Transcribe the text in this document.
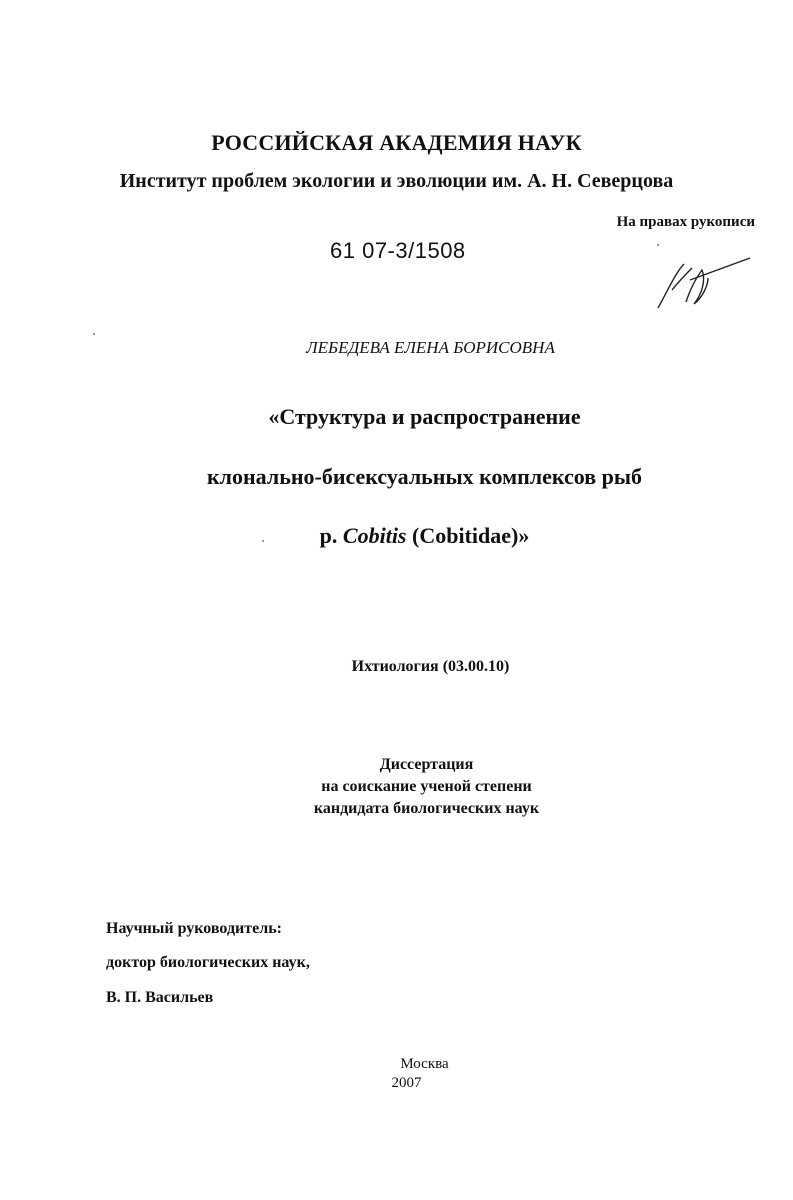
РОССИЙСКАЯ АКАДЕМИЯ НАУК
Институт проблем экологии и эволюции им. А. Н. Северцова
На правах рукописи
61 07-3/1508
ЛЕБЕДЕВА ЕЛЕНА БОРИСОВНА
«Структура и распространение
клонально-бисексуальных комплексов рыб
р. Cobitis (Cobitidae)»
Ихтиология (03.00.10)
Диссертация
на соискание ученой степени
кандидата биологических наук
Научный руководитель:
доктор биологических наук,
В. П. Васильев
Москва
2007
